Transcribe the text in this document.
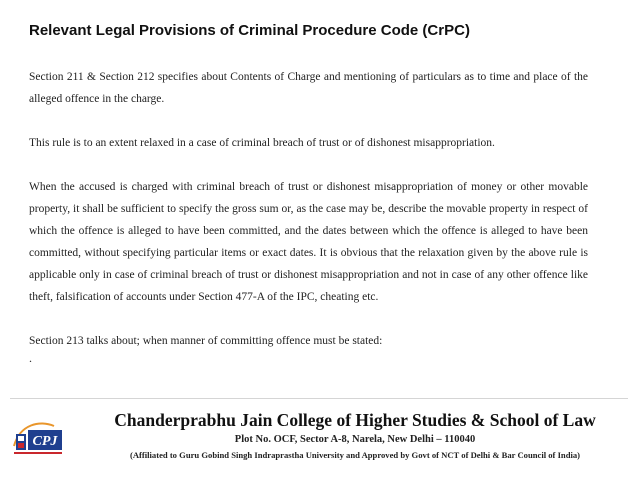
Relevant Legal Provisions of Criminal Procedure Code (CrPC)

Section 211 & Section 212 specifies about Contents of Charge and mentioning of particulars as to time and place of the alleged offence in the charge.

This rule is to an extent relaxed in a case of criminal breach of trust or of dishonest misappropriation.

When the accused is charged with criminal breach of trust or dishonest misappropriation of money or other movable property, it shall be sufficient to specify the gross sum or, as the case may be, describe the movable property in respect of which the offence is alleged to have been committed, and the dates between which the offence is alleged to have been committed, without specifying particular items or exact dates. It is obvious that the relaxation given by the above rule is applicable only in case of criminal breach of trust or dishonest misappropriation and not in case of any other offence like theft, falsification of accounts under Section 477-A of the IPC, cheating etc.

Section 213 talks about; when manner of committing offence must be stated:

.

CPJ
Chanderprabhu Jain College of Higher Studies & School of Law
Plot No. OCF, Sector A-8, Narela, New Delhi – 110040
(Affiliated to Guru Gobind Singh Indraprastha University and Approved by Govt of NCT of Delhi & Bar Council of India)
